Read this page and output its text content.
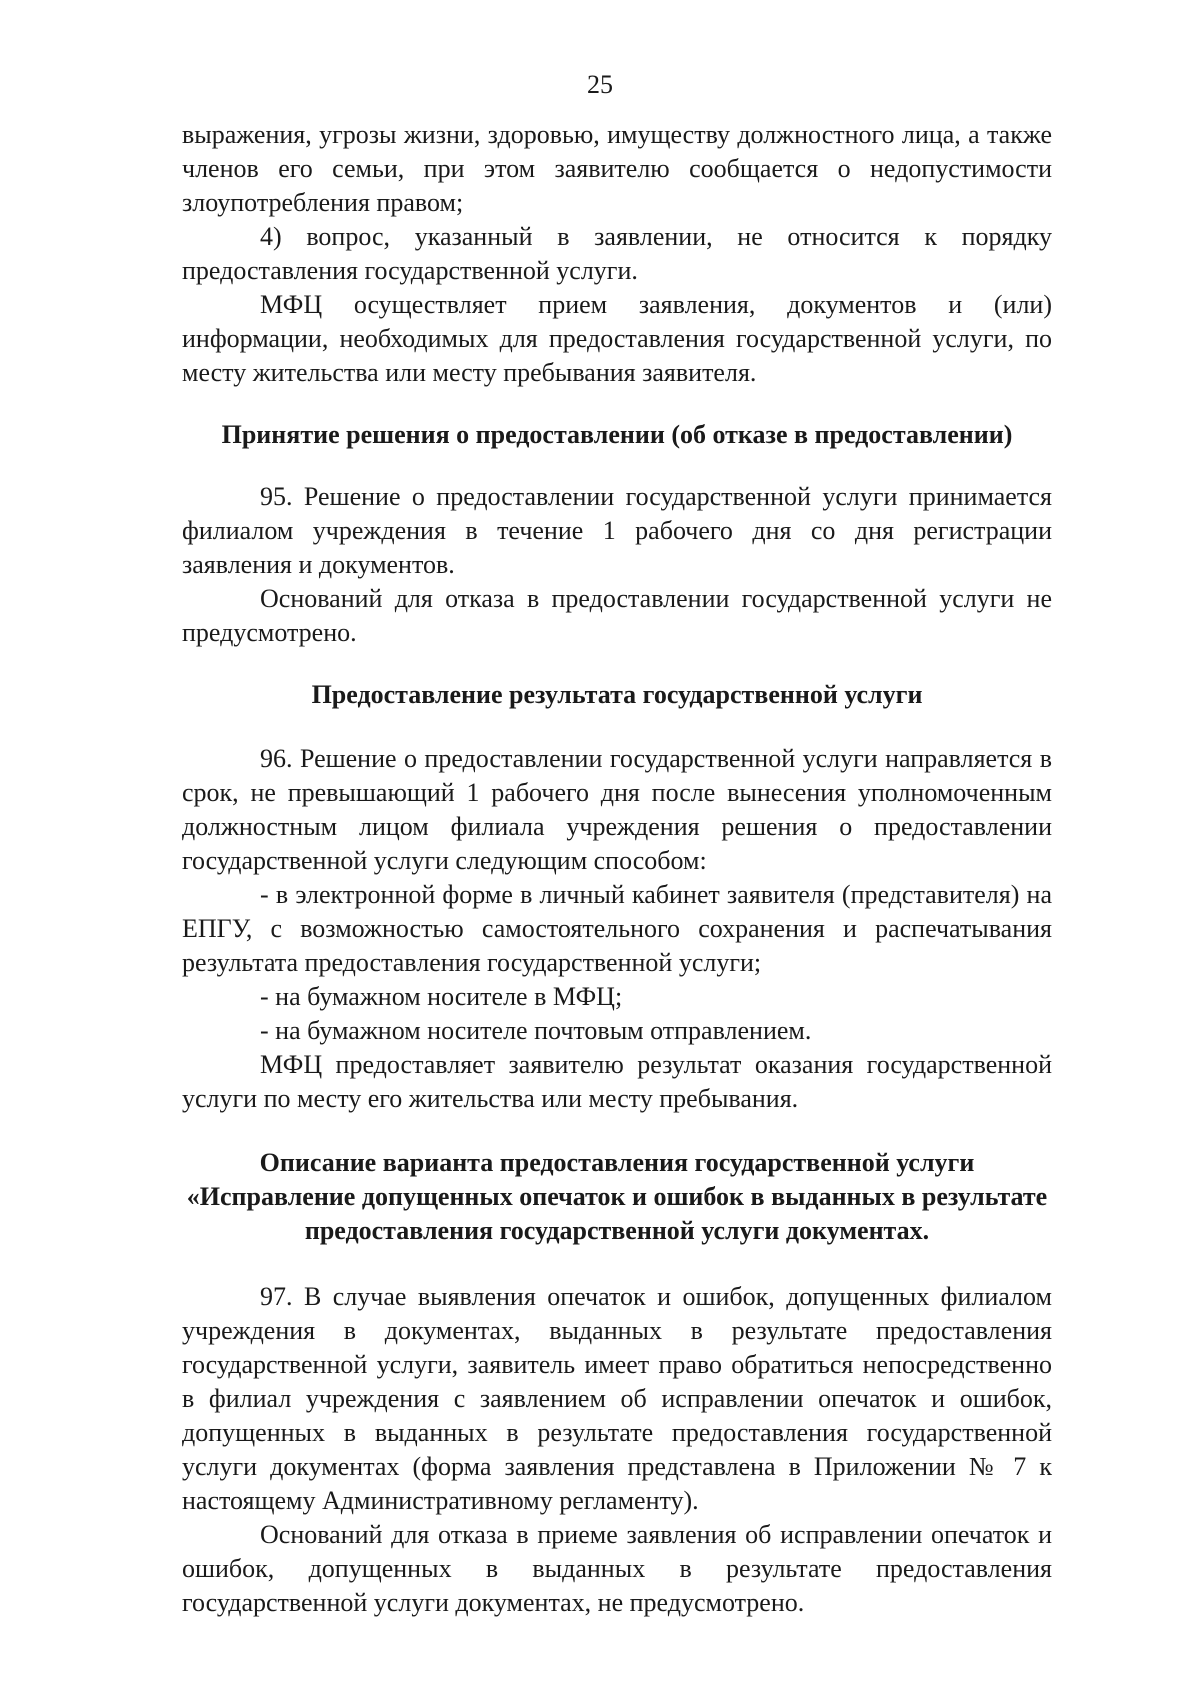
25

выражения, угрозы жизни, здоровью, имуществу должностного лица, а также членов его семьи, при этом заявителю сообщается о недопустимости злоупотребления правом;

4) вопрос, указанный в заявлении, не относится к порядку предоставления государственной услуги.

МФЦ осуществляет прием заявления, документов и (или) информации, необходимых для предоставления государственной услуги, по месту жительства или месту пребывания заявителя.

Принятие решения о предоставлении (об отказе в предоставлении)

95. Решение о предоставлении государственной услуги принимается филиалом учреждения в течение 1 рабочего дня со дня регистрации заявления и документов.

Оснований для отказа в предоставлении государственной услуги не предусмотрено.

Предоставление результата государственной услуги

96. Решение о предоставлении государственной услуги направляется в срок, не превышающий 1 рабочего дня после вынесения уполномоченным должностным лицом филиала учреждения решения о предоставлении государственной услуги следующим способом:

- в электронной форме в личный кабинет заявителя (представителя) на ЕПГУ, с возможностью самостоятельного сохранения и распечатывания результата предоставления государственной услуги;

- на бумажном носителе в МФЦ;

- на бумажном носителе почтовым отправлением.

МФЦ предоставляет заявителю результат оказания государственной услуги по месту его жительства или месту пребывания.

Описание варианта предоставления государственной услуги
«Исправление допущенных опечаток и ошибок в выданных в результате
предоставления государственной услуги документах.

97. В случае выявления опечаток и ошибок, допущенных филиалом учреждения в документах, выданных в результате предоставления государственной услуги, заявитель имеет право обратиться непосредственно в филиал учреждения с заявлением об исправлении опечаток и ошибок, допущенных в выданных в результате предоставления государственной услуги документах (форма заявления представлена в Приложении № 7 к настоящему Административному регламенту).

Оснований для отказа в приеме заявления об исправлении опечаток и ошибок, допущенных в выданных в результате предоставления государственной услуги документах, не предусмотрено.
